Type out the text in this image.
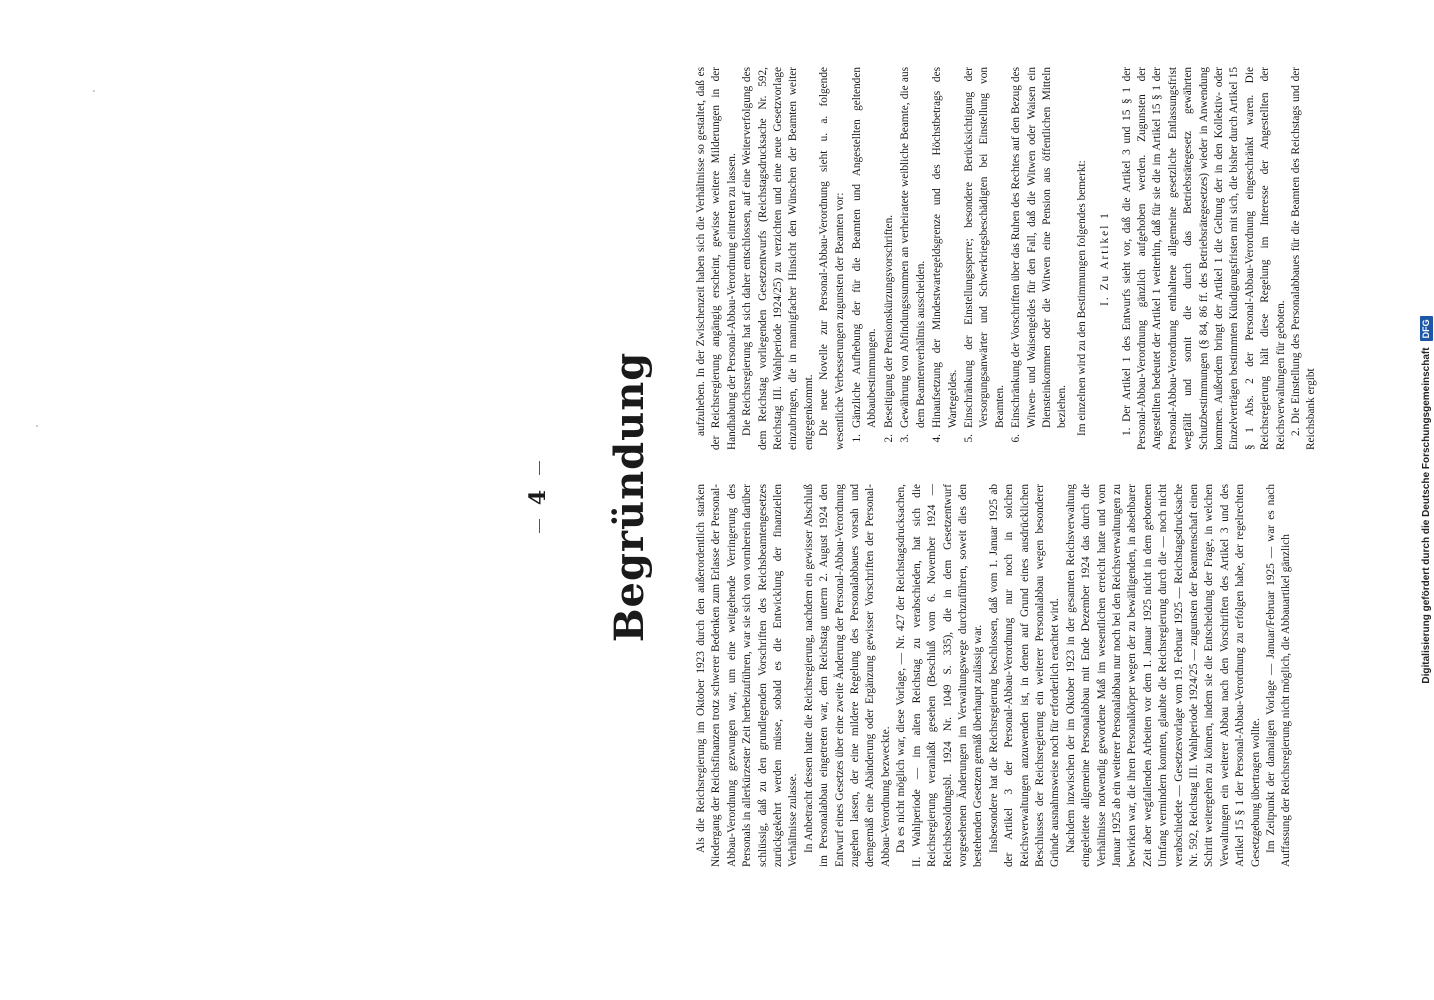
4 Begründung	Als die Reichsregierung im Oktober 1923 durch den außerordentlich starken Niedergang der Reichsfinanzen trotz schwerer Bedenken zum Erlasse der Personal-Abbau-Verordnung gezwungen war, um eine weitgehende Verringerung des Personals in allerkürzester Zeit herbeizuführen, war sie sich von vornherein darüber schlüssig, daß zu den grundlegenden Vorschriften des Reichsbeamtengesetzes zurückgekehrt werden müsse, sobald es die Entwicklung der finanziellen Verhältnisse zulasse. In Anbetracht dessen hatte die Reichsregierung, nachdem ein gewisser Abschluß im Personalabbau eingetreten war, dem Reichstag unterm 2. August 1924 den Entwurf eines Gesetzes über eine zweite Änderung der Personal-Abbau-Verordnung zugehen lassen, der eine mildere Regelung des Personalabbaues vorsah und demgemäß eine Abänderung oder Ergänzung gewisser Vorschriften der Personal-Abbau-Verordnung bezweckte. Da es nicht möglich war, diese Vorlage, — Nr. 427 der Reichstagsdrucksachen, II. Wahlperiode — im alten Reichstag zu verabschieden, hat sich die Reichsregierung veranlaßt gesehen (Beschluß vom 6. November 1924 — Reichsbesoldungsbl. 1924 Nr. 1049 S. 335), die in dem Gesetzentwurf vorgesehenen Änderungen im Verwaltungswege durchzuführen, soweit dies den bestehenden Gesetzen gemäß überhaupt zulässig war. Insbesondere hat die Reichsregierung beschlossen, daß vom 1. Januar 1925 ab der Artikel 3 der Personal-Abbau-Verordnung nur noch in solchen Reichsverwaltungen anzuwenden ist, in denen auf Grund eines ausdrücklichen Beschlusses der Reichsregierung ein weiterer Personalabbau wegen besonderer Gründe ausnahmsweise noch für erforderlich erachtet wird. Nachdem inzwischen der im Oktober 1923 in der gesamten Reichsverwaltung eingeleitete allgemeine Personalabbau mit Ende Dezember 1924 das durch die Verhältnisse notwendig gewordene Maß im wesentlichen erreicht hatte und vom Januar 1925 ab ein weiterer Personalabbau nur noch bei den Reichsverwaltungen zu bewirken war, die ihren Personalkörper wegen der zu bewältigenden, in absehbarer Zeit aber wegfallenden Arbeiten vor dem 1. Januar 1925 nicht in dem gebotenen Umfang vermindern konnten, glaubte die Reichsregierung durch die — noch nicht verabschiedete — Gesetzesvorlage vom 19. Februar 1925 — Reichstagsdrucksache Nr. 592, Reichstag III. Wahlperiode 1924/25 — zugunsten der Beamtenschaft einen Schritt weitergehen zu können, indem sie die Entscheidung der Frage, in welchen Verwaltungen ein weiterer Abbau nach den Vorschriften des Artikel 3 und des Artikel 15 § 1 der Personal-Abbau-Verordnung zu erfolgen habe, der regelrechten Gesetzgebung übertragen wollte. Im Zeitpunkt der damaligen Vorlage — Januar/Februar 1925 — war es nach Auffassung der Reichsregierung nicht möglich, die Abbauartikel gänzlich

aufzuheben. In der Zwischenzeit haben sich die Verhältnisse so gestaltet, daß es der Reichsregierung angängig erscheint, gewisse weitere Milderungen in der Handhabung der Personal-Abbau-Verordnung eintreten zu lassen. Die Reichsregierung hat sich daher entschlossen, auf eine Weiterverfolgung des dem Reichstag vorliegenden Gesetzentwurfs (Reichstagsdrucksache Nr. 592, Reichstag III. Wahlperiode 1924/25) zu verzichten und eine neue Gesetzvorlage einzubringen, die in mannigfacher Hinsicht den Wünschen der Beamten weiter entgegenkommt. Die neue Novelle zur Personal-Abbau-Verordnung sieht u. a. folgende wesentliche Verbesserungen zugunsten der Beamten vor: 1.
Gänzliche Aufhebung der für die Beamten und Angestellten geltenden Abbaubestimmungen.
2.
Beseitigung der Pensionskürzungsvorschriften.
3.
Gewährung von Abfindungssummen an verheiratete weibliche Beamte, die aus dem Beamtenverhältnis ausscheiden.
4.
Hinaufsetzung der Mindestwartegeldsgrenze und des Höchstbetrags des Wartegeldes.
5.
Einschränkung der Einstellungssperre; besondere Berücksichtigung der Versorgungsanwärter und Schwerkriegsbeschädigten bei Einstellung von Beamten.
6.
Einschränkung der Vorschriften über das Ruhen des Rechtes auf den Bezug des Witwen- und Waisengeldes für den Fall, daß die Witwen oder Waisen ein Diensteinkommen oder die Witwen eine Pension aus öffentlichen Mitteln beziehen. Im einzelnen wird zu den Bestimmungen folgendes bemerkt: I. Zu Artikel 1 1. Der Artikel 1 des Entwurfs sieht vor, daß die Artikel 3 und 15 § 1 der Personal-Abbau-Verordnung gänzlich aufgehoben werden. Zugunsten der Angestellten bedeutet der Artikel 1 weiterhin, daß für sie die im Artikel 15 § 1 der Personal-Abbau-Verordnung enthaltene allgemeine gesetzliche Entlassungsfrist wegfällt und somit die durch das Betriebsrätegesetz gewährten Schutzbestimmungen (§ 84, 86 ff. des Betriebsrätegesetzes) wieder in Anwendung kommen. Außerdem bringt der Artikel 1 die Geltung der in den Kollektiv- oder Einzelverträgen bestimmten Kündigungsfristen mit sich, die bisher durch Artikel 15 § 1 Abs. 2 der Personal-Abbau-Verordnung eingeschränkt waren. Die Reichsregierung hält diese Regelung im Interesse der Angestellten der Reichsverwaltungen für geboten. 2. Die Einstellung des Personalabbaues für die Beamten des Reichstags und der Reichsbank ergibt	Digitalisierung gefördert durch die Deutsche Forschungsgemeinschaft
DFG
